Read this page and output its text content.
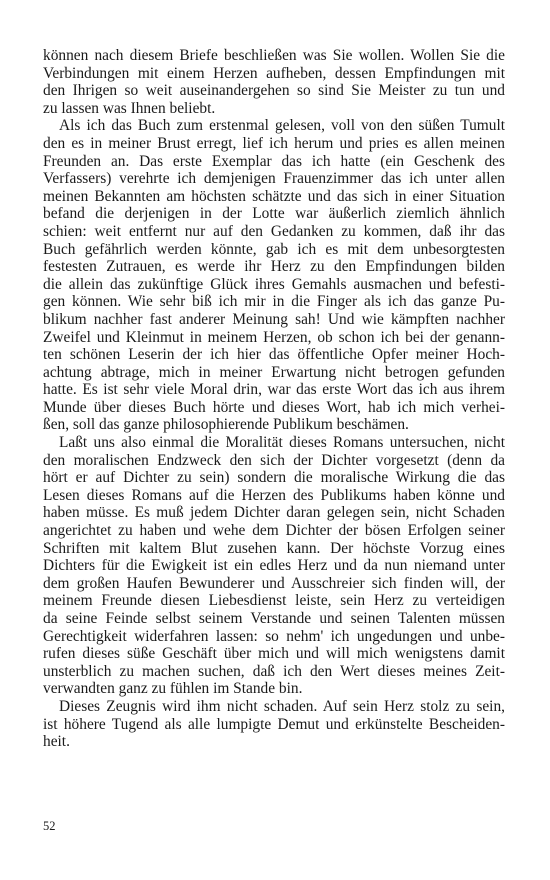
können nach diesem Briefe beschließen was Sie wollen. Wollen Sie die
Verbindungen mit einem Herzen aufheben, dessen Empfindungen mit
den Ihrigen so weit auseinandergehen so sind Sie Meister zu tun und
zu lassen was Ihnen beliebt.
Als ich das Buch zum erstenmal gelesen, voll von den süßen Tumult
den es in meiner Brust erregt, lief ich herum und pries es allen meinen
Freunden an. Das erste Exemplar das ich hatte (ein Geschenk des
Verfassers) verehrte ich demjenigen Frauenzimmer das ich unter allen
meinen Bekannten am höchsten schätzte und das sich in einer Situation
befand die derjenigen in der Lotte war äußerlich ziemlich ähnlich
schien: weit entfernt nur auf den Gedanken zu kommen, daß ihr das
Buch gefährlich werden könnte, gab ich es mit dem unbesorgtesten
festesten Zutrauen, es werde ihr Herz zu den Empfindungen bilden
die allein das zukünftige Glück ihres Gemahls ausmachen und befesti-
gen können. Wie sehr biß ich mir in die Finger als ich das ganze Pu-
blikum nachher fast anderer Meinung sah! Und wie kämpften nachher
Zweifel und Kleinmut in meinem Herzen, ob schon ich bei der genann-
ten schönen Leserin der ich hier das öffentliche Opfer meiner Hoch-
achtung abtrage, mich in meiner Erwartung nicht betrogen gefunden
hatte. Es ist sehr viele Moral drin, war das erste Wort das ich aus ihrem
Munde über dieses Buch hörte und dieses Wort, hab ich mich verhei-
ßen, soll das ganze philosophierende Publikum beschämen.
Laßt uns also einmal die Moralität dieses Romans untersuchen, nicht
den moralischen Endzweck den sich der Dichter vorgesetzt (denn da
hört er auf Dichter zu sein) sondern die moralische Wirkung die das
Lesen dieses Romans auf die Herzen des Publikums haben könne und
haben müsse. Es muß jedem Dichter daran gelegen sein, nicht Schaden
angerichtet zu haben und wehe dem Dichter der bösen Erfolgen seiner
Schriften mit kaltem Blut zusehen kann. Der höchste Vorzug eines
Dichters für die Ewigkeit ist ein edles Herz und da nun niemand unter
dem großen Haufen Bewunderer und Ausschreier sich finden will, der
meinem Freunde diesen Liebesdienst leiste, sein Herz zu verteidigen
da seine Feinde selbst seinem Verstande und seinen Talenten müssen
Gerechtigkeit widerfahren lassen: so nehm' ich ungedungen und unbe-
rufen dieses süße Geschäft über mich und will mich wenigstens damit
unsterblich zu machen suchen, daß ich den Wert dieses meines Zeit-
verwandten ganz zu fühlen im Stande bin.
Dieses Zeugnis wird ihm nicht schaden. Auf sein Herz stolz zu sein,
ist höhere Tugend als alle lumpigte Demut und erkünstelte Bescheiden-
heit.
52
